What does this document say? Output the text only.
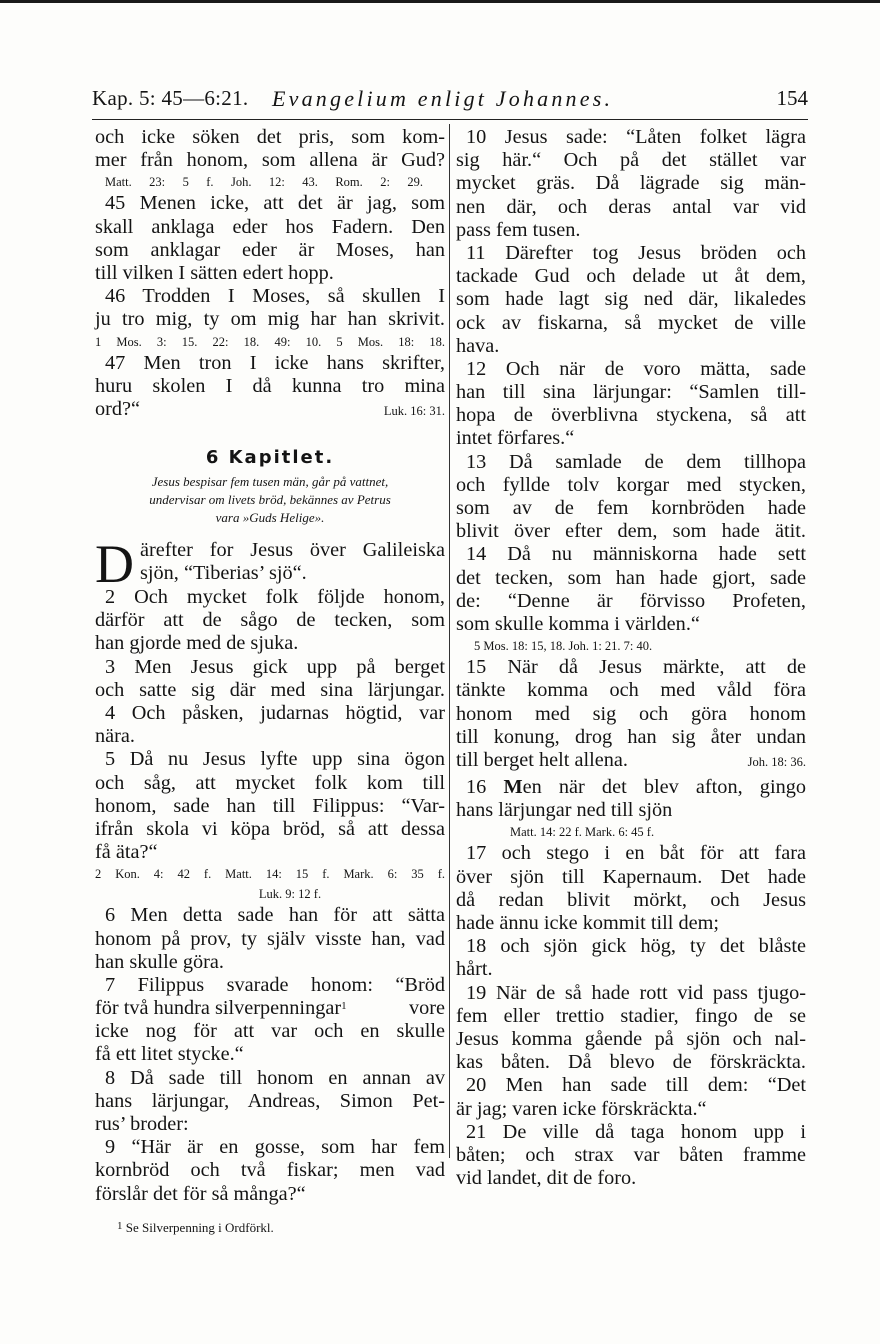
Kap. 5: 45—6:21. Evangelium enligt Johannes.	154
och icke söken det pris, som kom-
mer från honom, som allena är Gud?
Matt. 23: 5 f. Joh. 12: 43. Rom. 2: 29.
45 Menen icke, att det är jag, som
skall anklaga eder hos Fadern. Den
som anklagar eder är Moses, han
till vilken I sätten edert hopp.
46 Trodden I Moses, så skullen I
ju tro mig, ty om mig har han skrivit.
1 Mos. 3: 15. 22: 18. 49: 10. 5 Mos. 18: 18.
47 Men tron I icke hans skrifter,
huru skolen I då kunna tro mina
ord?“	Luk. 16: 31.
6 Kapitlet.
Jesus bespisar fem tusen män, går på vattnet,
undervisar om livets bröd, bekännes av Petrus
vara »Guds Helige».
D ärefter for Jesus över Galileiska
sjön, “Tiberias’ sjö“.
2 Och mycket folk följde honom,
därför att de sågo de tecken, som
han gjorde med de sjuka.
3 Men Jesus gick upp på berget
och satte sig där med sina lärjungar.
4 Och påsken, judarnas högtid, var
nära.
5 Då nu Jesus lyfte upp sina ögon
och såg, att mycket folk kom till
honom, sade han till Filippus: “Var-
ifrån skola vi köpa bröd, så att dessa
få äta?“
2 Kon. 4: 42 f. Matt. 14: 15 f. Mark. 6: 35 f.
Luk. 9: 12 f.
6 Men detta sade han för att sätta
honom på prov, ty själv visste han, vad
han skulle göra.
7 Filippus svarade honom: “Bröd
för två hundra silverpenningar$^1$	vore
icke nog för att var och en skulle
få ett litet stycke.“
8 Då sade till honom en annan av
hans lärjungar, Andreas, Simon Pet-
rus’ broder:
9 “Här är en gosse, som har fem
kornbröd och två fiskar; men vad
förslår det för så många?“
$^1$ Se Silverpenning i Ordförkl.
10 Jesus sade: “Låten folket lägra
sig här.“ Och på det stället var
mycket gräs. Då lägrade sig män-
nen där, och deras antal var vid
pass fem tusen.
11 Därefter tog Jesus bröden och
tackade Gud och delade ut åt dem,
som hade lagt sig ned där, likaledes
ock av fiskarna, så mycket de ville
hava.
12 Och när de voro mätta, sade
han till sina lärjungar: “Samlen till-
hopa de överblivna styckena, så att
intet förfares.“
13 Då samlade de dem tillhopa
och fyllde tolv korgar med stycken,
som av de fem kornbröden hade
blivit över efter dem, som hade ätit.
14 Då nu människorna hade sett
det tecken, som han hade gjort, sade
de: “Denne är förvisso Profeten,
som skulle komma i världen.“
5 Mos. 18: 15, 18. Joh. 1: 21. 7: 40.
15 När då Jesus märkte, att de
tänkte komma och med våld föra
honom med sig och göra honom
till konung, drog han sig åter undan
till berget helt allena.	Joh. 18: 36.
16 Men när det blev afton, gingo
hans lärjungar ned till sjön
Matt. 14: 22 f. Mark. 6: 45 f.
17 och stego i en båt för att fara
över sjön till Kapernaum. Det hade
då redan blivit mörkt, och Jesus
hade ännu icke kommit till dem;
18 och sjön gick hög, ty det blåste
hårt.
19 När de så hade rott vid pass tjugo-
fem eller trettio stadier, fingo de se
Jesus komma gående på sjön och nal-
kas båten. Då blevo de förskräckta.
20 Men han sade till dem: “Det
är jag; varen icke förskräckta.“
21 De ville då taga honom upp i
båten; och strax var båten framme
vid landet, dit de foro.
